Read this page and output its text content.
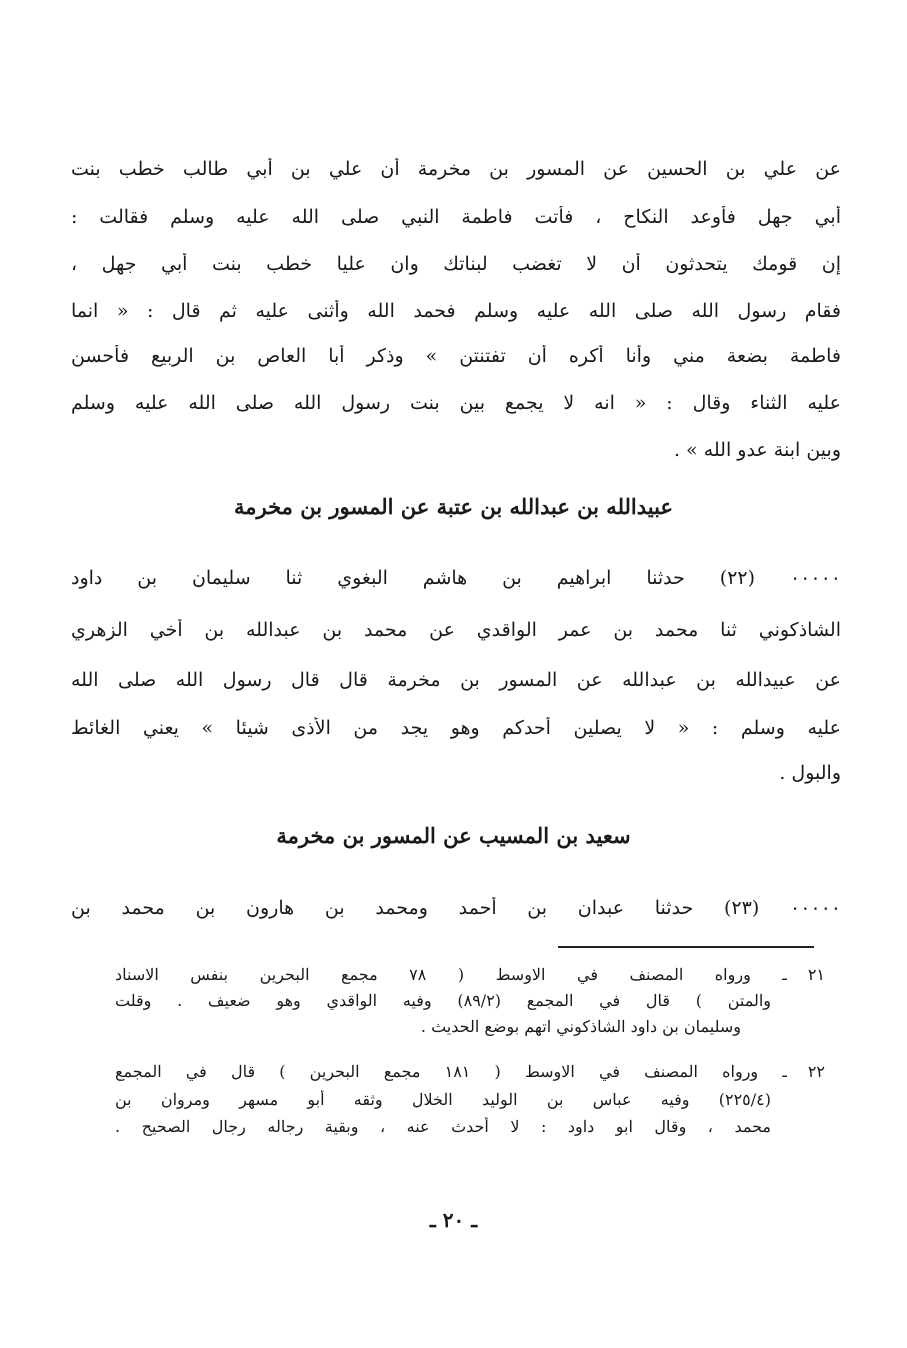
عن علي بن الحسين عن المسور بن مخرمة أن علي بن أبي طالب خطب بنت
أبي جهل فأوعد النكاح ، فأتت فاطمة النبي صلى الله عليه وسلم فقالت :
إن قومك يتحدثون أن لا تغضب لبناتك وان عليا خطب بنت أبي جهل ،
فقام رسول الله صلى الله عليه وسلم فحمد الله وأثنى عليه ثم قال : « انما
فاطمة بضعة مني وأنا أكره أن تفتنتن » وذكر أبا العاص بن الربيع فأحسن
عليه الثناء وقال : « انه لا يجمع بين بنت رسول الله صلى الله عليه وسلم
وبين ابنة عدو الله » .
عبيدالله بن عبدالله بن عتبة عن المسور بن مخرمة
٠٠٠٠٠ (٢٢) حدثنا ابراهيم بن هاشم البغوي ثنا سليمان بن داود
الشاذكوني ثنا محمد بن عمر الواقدي عن محمد بن عبدالله بن أخي الزهري
عن عبيدالله بن عبدالله عن المسور بن مخرمة قال قال رسول الله صلى الله
عليه وسلم : « لا يصلين أحدكم وهو يجد من الأذى شيئا » يعني الغائط
والبول .
سعيد بن المسيب عن المسور بن مخرمة
٠٠٠٠٠ (٢٣) حدثنا عبدان بن أحمد ومحمد بن هارون بن محمد بن
٢١
ـ ورواه المصنف في الاوسط ( ٧٨ مجمع البحرين بنفس الاسناد
والمتن ) قال في المجمع (٨٩/٢) وفيه الواقدي وهو ضعيف . وقلت
وسليمان بن داود الشاذكوني اتهم بوضع الحديث .
٢٢
ـ ورواه المصنف في الاوسط ( ١٨١ مجمع البحرين ) قال في المجمع
(٢٢٥/٤) وفيه عباس بن الوليد الخلال وثقه أبو مسهر ومروان بن
محمد ، وقال ابو داود : لا أحدث عنه ، وبقية رجاله رجال الصحيح .
ـ ٢٠ ـ
